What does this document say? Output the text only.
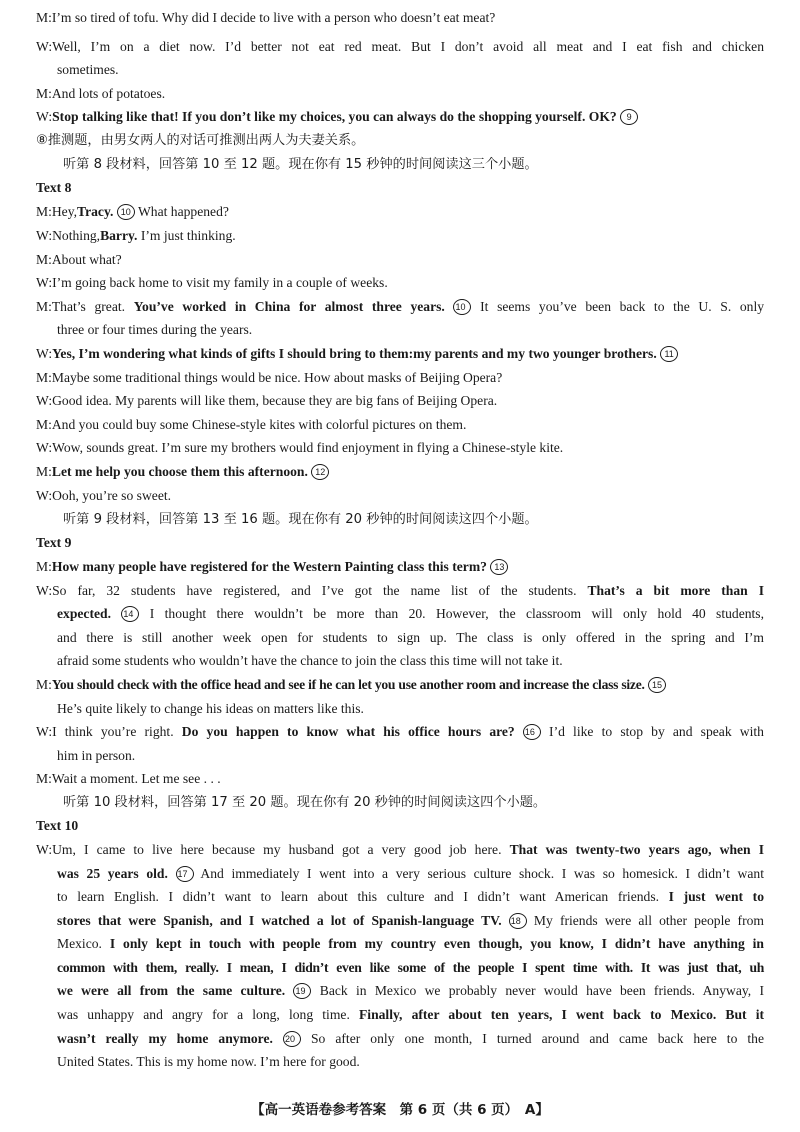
M:I’m so tired of tofu. Why did I decide to live with a person who doesn’t eat meat?
W:Well, I’m on a diet now. I’d better not eat red meat. But I don’t avoid all meat and I eat fish and chicken
sometimes.
M:And lots of potatoes.
W:Stop talking like that! If you don’t like my choices, you can always do the shopping yourself. OK? 9
⑧推测题，由男女两人的对话可推测出两人为夫妻关系。
听第 8 段材料，回答第 10 至 12 题。现在你有 15 秒钟的时间阅读这三个小题。
Text 8
M:Hey,Tracy. 10 What happened?
W:Nothing,Barry. I’m just thinking.
M:About what?
W:I’m going back home to visit my family in a couple of weeks.
M:That’s great. You’ve worked in China for almost three years. 10 It seems you’ve been back to the U. S. only
three or four times during the years.
W:Yes, I’m wondering what kinds of gifts I should bring to them:my parents and my two younger brothers. 11
M:Maybe some traditional things would be nice. How about masks of Beijing Opera?
W:Good idea. My parents will like them, because they are big fans of Beijing Opera.
M:And you could buy some Chinese-style kites with colorful pictures on them.
W:Wow, sounds great. I’m sure my brothers would find enjoyment in flying a Chinese-style kite.
M:Let me help you choose them this afternoon. 12
W:Ooh, you’re so sweet.
听第 9 段材料，回答第 13 至 16 题。现在你有 20 秒钟的时间阅读这四个小题。
Text 9
M:How many people have registered for the Western Painting class this term? 13
W:So far, 32 students have registered, and I’ve got the name list of the students. That’s a bit more than I
expected. 14 I thought there wouldn’t be more than 20. However, the classroom will only hold 40 students,
and there is still another week open for students to sign up. The class is only offered in the spring and I’m
afraid some students who wouldn’t have the chance to join the class this time will not take it.
M:You should check with the office head and see if he can let you use another room and increase the class size. 15
He’s quite likely to change his ideas on matters like this.
W:I think you’re right. Do you happen to know what his office hours are? 16 I’d like to stop by and speak with
him in person.
M:Wait a moment. Let me see . . .
听第 10 段材料，回答第 17 至 20 题。现在你有 20 秒钟的时间阅读这四个小题。
Text 10
W:Um, I came to live here because my husband got a very good job here. That was twenty-two years ago, when I
was 25 years old. 17 And immediately I went into a very serious culture shock. I was so homesick. I didn’t want
to learn English. I didn’t want to learn about this culture and I didn’t want American friends. I just went to
stores that were Spanish, and I watched a lot of Spanish-language TV. 18 My friends were all other people from
Mexico. I only kept in touch with people from my country even though, you know, I didn’t have anything in
common with them, really. I mean, I didn’t even like some of the people I spent time with. It was just that, uh
we were all from the same culture. 19 Back in Mexico we probably never would have been friends. Anyway, I
was unhappy and angry for a long, long time. Finally, after about ten years, I went back to Mexico. But it
wasn’t really my home anymore. 20 So after only one month, I turned around and came back here to the
United States. This is my home now. I’m here for good.
【高一英语卷参考答案　第 6 页（共 6 页）　A】
